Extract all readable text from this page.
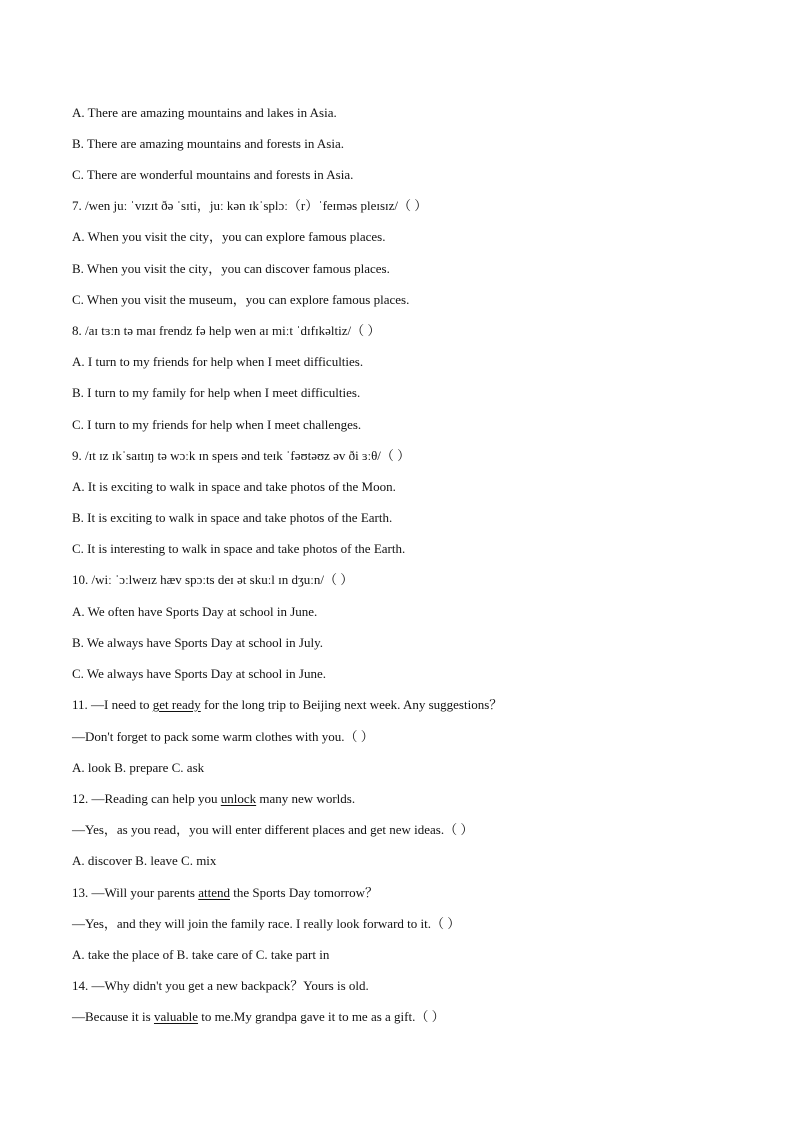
A. There are amazing mountains and lakes in Asia.
B. There are amazing mountains and forests in Asia.
C. There are wonderful mountains and forests in Asia.
7. /wen juː ˈvɪzɪt ðə ˈsɪti，juː kən ɪkˈsplɔː（r）ˈfeɪməs pleɪsɪz/（ ）
A. When you visit the city，you can explore famous places.
B. When you visit the city，you can discover famous places.
C. When you visit the museum，you can explore famous places.
8. /aɪ tɜːn tə maɪ frendz fə help wen aɪ miːt ˈdɪfɪkəltiz/（ ）
A. I turn to my friends for help when I meet difficulties.
B. I turn to my family for help when I meet difficulties.
C. I turn to my friends for help when I meet challenges.
9. /ɪt ɪz ɪkˈsaɪtɪŋ tə wɔːk ɪn speɪs ənd teɪk ˈfəʊtəʊz əv ði ɜːθ/（ ）
A. It is exciting to walk in space and take photos of the Moon.
B. It is exciting to walk in space and take photos of the Earth.
C. It is interesting to walk in space and take photos of the Earth.
10. /wiː ˈɔːlweɪz hæv spɔːts deɪ ət skuːl ɪn dʒuːn/（ ）
A. We often have Sports Day at school in June.
B. We always have Sports Day at school in July.
C. We always have Sports Day at school in June.
11. —I need to get ready for the long trip to Beijing next week. Any suggestions？
—Don't forget to pack some warm clothes with you.（ ）
A. look B. prepare C. ask
12. —Reading can help you unlock many new worlds.
—Yes，as you read，you will enter different places and get new ideas.（ ）
A. discover B. leave C. mix
13. —Will your parents attend the Sports Day tomorrow？
—Yes，and they will join the family race. I really look forward to it.（ ）
A. take the place of B. take care of C. take part in
14. —Why didn't you get a new backpack？Yours is old.
—Because it is valuable to me.My grandpa gave it to me as a gift.（ ）
